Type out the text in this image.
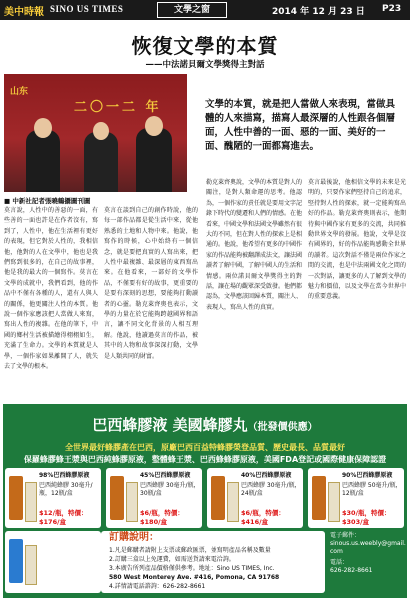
美中時報 SINO US TIMES	文學之窗	2014 年 12 月 23 日 P23
恢復文學的本質
——中法諾貝爾文學獎得主對話
山东
二〇一二 年
■ 中新社記者張曉鶴攝圖刊圖
文學的本質，就是把人當做人來表現，當做具體的人來描寫，描寫人最深層的人性跟各個層面，人性中善的一面、惡的一面、美好的一面、醜陋的一面都寫進去。
莫言說，人性中的善惡的一面，有些善的一面也許是在作者沒有，寫到了，人性中，他在生活裡有更好的表現，但它對於人性的，我相信他，他對的人在文學中，他也是我們寫到很多的，在自己的故事裡，他是我的最大的一個寫作。莫言在文學的成就中，我們看到，他的作品中不僅有各種的人，還有人與人的關係，他更關注人性的本質。他說一個作家應該把人當做人來寫，寫出人性的複雜。在他的筆下，中國的鄉村生活被描繪得栩栩如生，充滿了生命力。文學的本質就是人學，一個作家如果離開了人，就失去了文學的根本。
莫言在談到自己的創作時說，他的每一部作品都是從生活中來，從他熟悉的土地和人物中來。他說，他寫作的時候，心中始終有一個信念，就是要把真實的人寫出來，把人性中最複雜、最深層的東西寫出來。在他看來，一部好的文學作品，不僅要有好的故事，更重要的是要有深刻的思想，要能夠打動讀者的心靈。勒克萊齊奧也表示，文學的力量在於它能夠跨越國界和語言，讓不同文化背景的人相互理解。他說，他讀過莫言的作品，被其中的人物和故事深深打動，文學是人類共同的財富。
勒克萊齊奧說，文學的本質是對人的關注，是對人類命運的思考。他認為，一個作家的責任就是要用文字記錄下時代的變遷和人們的情感。在他看來，中國文學和法國文學雖然有很大的不同，但在對人性的探索上是相通的。他說，他希望有更多的中國作家的作品能夠被翻譯成法文，讓法國讀者了解中國，了解中國人的生活和情感。兩位諾貝爾文學獎得主的對話，讓在場的觀眾深受啟發。他們都認為，文學應該回歸本質，關注人、表現人，寫出人性的真實。
莫言最後說，他相信文學的未來是光明的，只要作家們堅持自己的追求，堅持對人性的探索，就一定能夠寫出好的作品。勒克萊齊奧則表示，他期待與中國作家有更多的交流，共同推動世界文學的發展。他說，文學是沒有國界的，好的作品能夠感動全世界的讀者。這次對話不僅是兩位作家之間的交流，也是中法兩國文化之間的一次對話，讓更多的人了解到文學的魅力和價值，以及文學在當今世界中的重要意義。
巴西蜂膠液 美國蜂膠丸（批發價供應）
全世界最好蜂膠產在巴西，原廠巴西百益特蜂膠榮登品質、歷史最長、品質最好
保羅蜂膠蜂王漿與巴西純蜂膠原液，整體蜂王漿、巴西蜂蜂膠原液，美國FDA登記或國際健康保障認證
98%巴西蜂膠原液
巴西純蜂膠 30毫升/瓶，12瓶/盒
$12/瓶，特價：$176/盒
45%巴西蜂膠原液
巴西蜂膠 30毫升/瓶，30瓶/盒
$6/瓶，特價：$180/盒
40%巴西蜂膠原液
巴西蜂膠 30毫升/瓶，24瓶/盒
$6/瓶，特價：$416/盒
90%巴西蜂膠原液
巴西蜂膠 50毫升/瓶，12瓶/盒
$30/瓶，特價：$303/盒
訂購說明：
1.凡是郵購者請附上支票或郵政匯票，並寫明產品名稱及數量
2.訂購三盒以上免運費，如需送貨請來電洽詢。
3.本廣告所列產品價格僅供參考。地址：Sino US TIMES, Inc.
580 West Monterey Ave. #416, Pomona, CA 91768
4.詳情請電話諮詢：626-282-8661
電子郵件：
sinous.us.weebly@gmail.com
電話：
626-282-8661
